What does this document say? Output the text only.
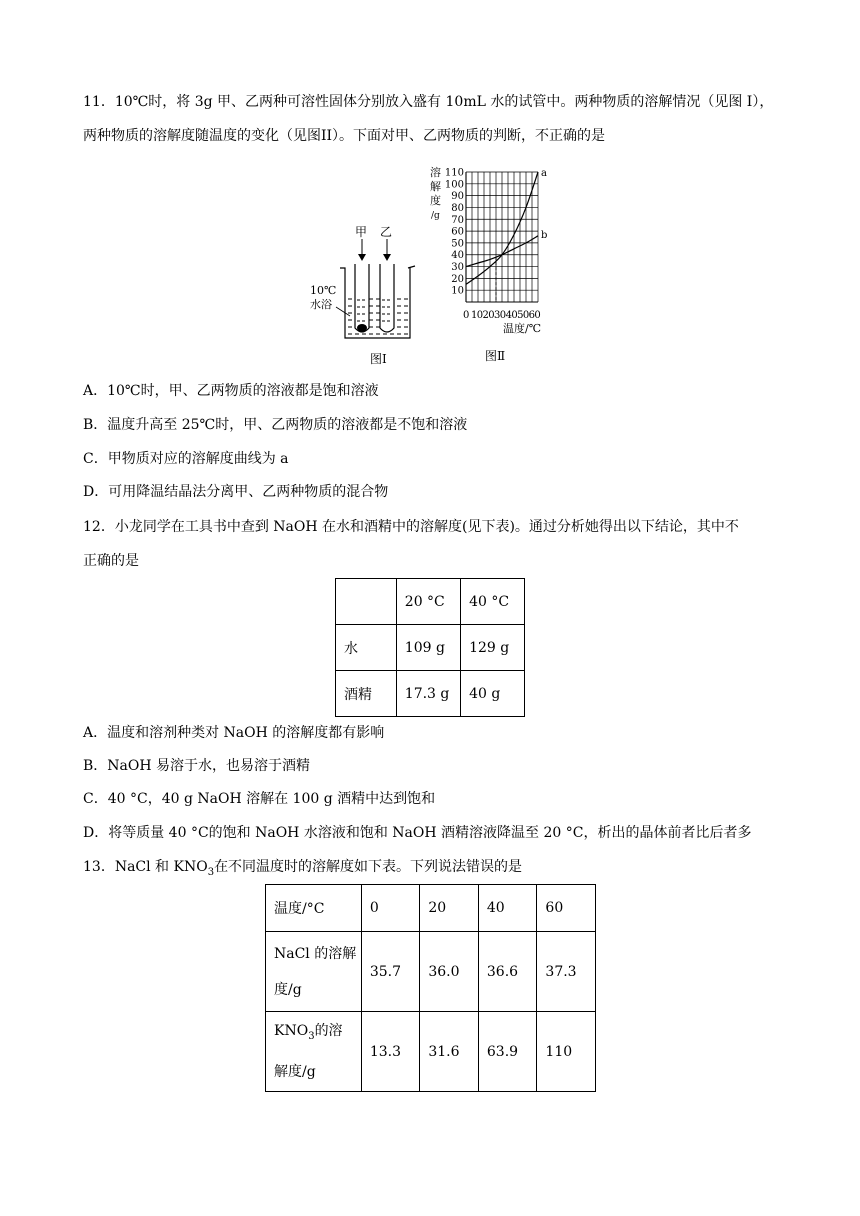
11．10℃时，将 3g 甲、乙两种可溶性固体分别放入盛有 10mL 水的试管中。两种物质的溶解情况（见图 I），
两种物质的溶解度随温度的变化（见图II）。下面对甲、乙两物质的判断，不正确的是
甲 乙
10℃
水浴
图Ⅰ
溶
解
度
/g
10
20
30
40
50
60
70
80
90
100
110	a
b
0 102030405060
温度/℃
图Ⅱ
A．10℃时，甲、乙两物质的溶液都是饱和溶液
B．温度升高至 25℃时，甲、乙两物质的溶液都是不饱和溶液
C．甲物质对应的溶解度曲线为 a
D．可用降温结晶法分离甲、乙两种物质的混合物
12．小龙同学在工具书中查到 NaOH 在水和酒精中的溶解度(见下表)。通过分析她得出以下结论，其中不
正确的是
	20 °C	40 °C
水	109 g	129 g
酒精	17.3 g	40 g
A．温度和溶剂种类对 NaOH 的溶解度都有影响
B．NaOH 易溶于水，也易溶于酒精
C．40 °C，40 g NaOH 溶解在 100 g 酒精中达到饱和
D．将等质量 40 °C的饱和 NaOH 水溶液和饱和 NaOH 酒精溶液降温至 20 °C，析出的晶体前者比后者多
13．NaCl 和 $KNO_3$在不同温度时的溶解度如下表。下列说法错误的是
温度/°C	0	20	40	60

NaCl 的溶解
度/g	35.7	36.0	36.6	37.3

$KNO_3$的溶
解度/g	13.3	31.6	63.9	110
